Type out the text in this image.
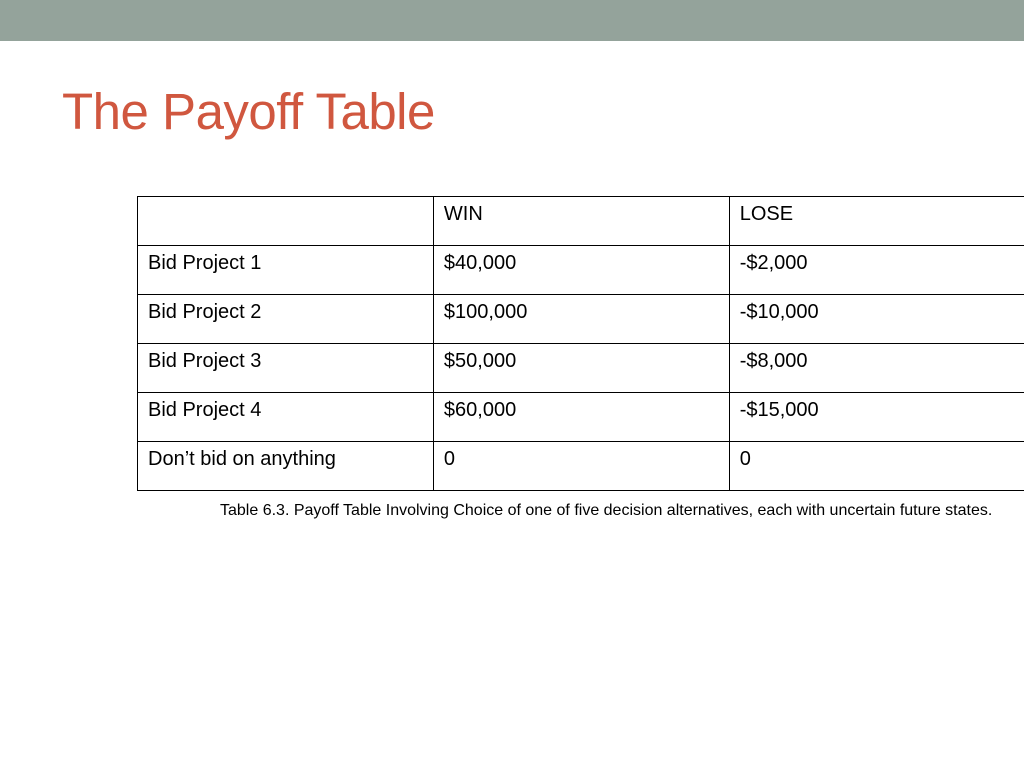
The Payoff Table
	WIN	LOSE
Bid Project 1	$40,000	-$2,000
Bid Project 2	$100,000	-$10,000
Bid Project 3	$50,000	-$8,000
Bid Project 4	$60,000	-$15,000
Don’t bid on anything	0	0

Table 6.3. Payoff Table Involving Choice of one of five decision alternatives, each with uncertain future states.
